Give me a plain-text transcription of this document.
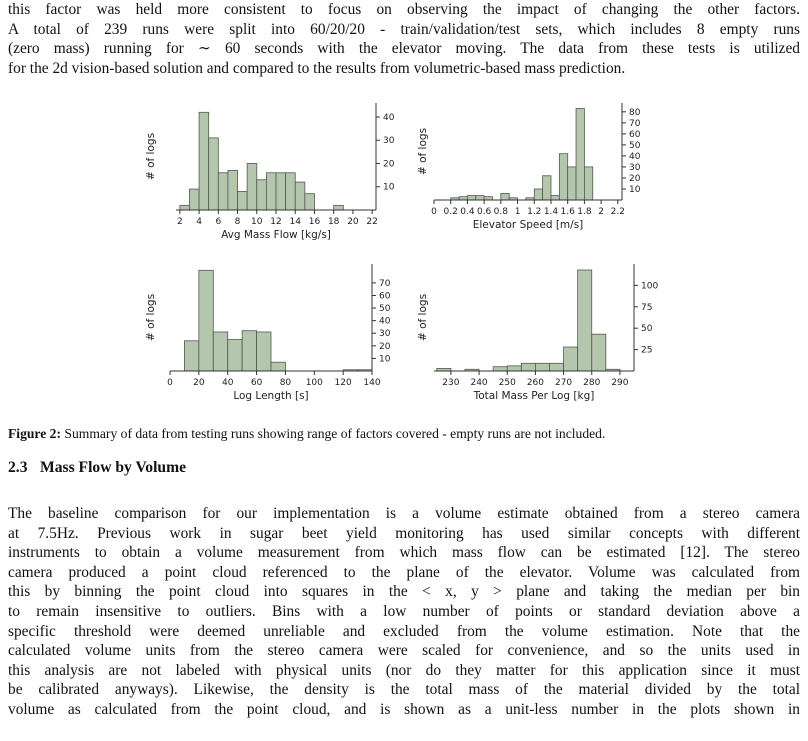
this factor was held more consistent to focus on observing the impact of changing the other factors.
A total of 239 runs were split into 60/20/20 - train/validation/test sets, which includes 8 empty runs
(zero mass) running for ∼ 60 seconds with the elevator moving. The data from these tests is utilized
for the 2d vision-based solution and compared to the results from volumetric-based mass prediction.
2 4 6 8 10 12 14 16 18 20 22
10
20
30
40
Avg Mass Flow [kg/s]
# of logs
0 0.2 0.4 0.6 0.8 1 1.2 1.4 1.6 1.8 2 2.2
10
20
30
40
50
60
70
80
Elevator Speed [m/s]
# of logs
0 20 40 60 80 100 120 140
10
20
30
40
50
60
70
Log Length [s]
# of logs
230 240 250 260 270 280 290
25
50
75
100
Total Mass Per Log [kg]
# of logs
Figure 2: Summary of data from testing runs showing range of factors covered - empty runs are not included.
2.3 Mass Flow by Volume
The baseline comparison for our implementation is a volume estimate obtained from a stereo camera
at 7.5Hz. Previous work in sugar beet yield monitoring has used similar concepts with different
instruments to obtain a volume measurement from which mass flow can be estimated [12]. The stereo
camera produced a point cloud referenced to the plane of the elevator. Volume was calculated from
this by binning the point cloud into squares in the < x, y > plane and taking the median per bin
to remain insensitive to outliers. Bins with a low number of points or standard deviation above a
specific threshold were deemed unreliable and excluded from the volume estimation. Note that the
calculated volume units from the stereo camera were scaled for convenience, and so the units used in
this analysis are not labeled with physical units (nor do they matter for this application since it must
be calibrated anyways). Likewise, the density is the total mass of the material divided by the total
volume as calculated from the point cloud, and is shown as a unit-less number in the plots shown in
